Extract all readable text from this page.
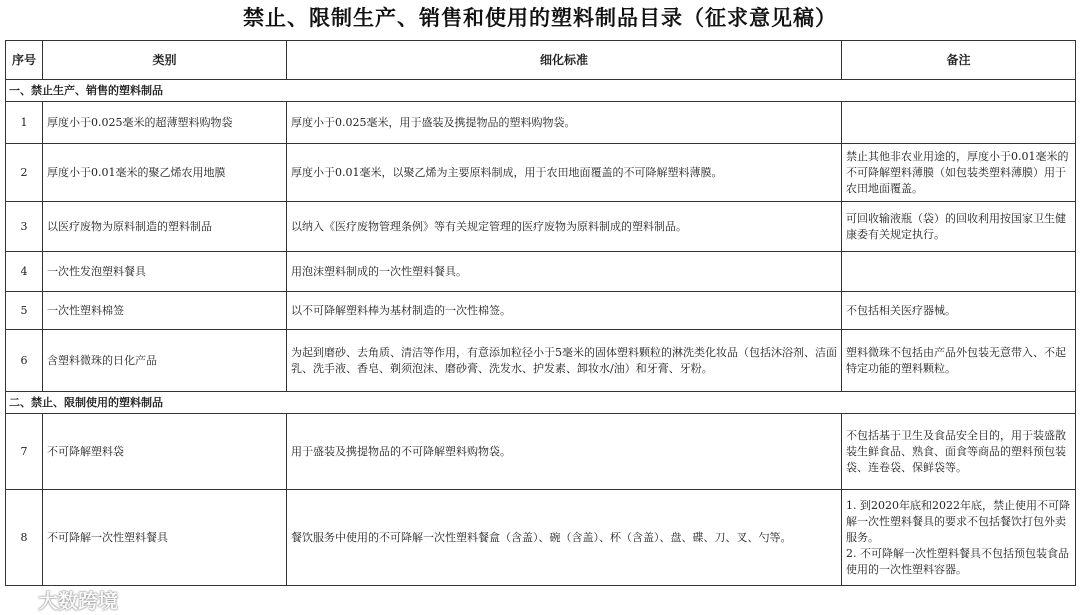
禁止、限制生产、销售和使用的塑料制品目录（征求意见稿）
序号	类别	细化标准	备注
一、禁止生产、销售的塑料制品			
1	厚度小于0.025毫米的超薄塑料购物袋	厚度小于0.025毫米，用于盛装及携提物品的塑料购物袋。	
2	厚度小于0.01毫米的聚乙烯农用地膜	厚度小于0.01毫米，以聚乙烯为主要原料制成，用于农田地面覆盖的不可降解塑料薄膜。	禁止其他非农业用途的，厚度小于0.01毫米的不可降解塑料薄膜（如包装类塑料薄膜）用于农田地面覆盖。
3	以医疗废物为原料制造的塑料制品	以纳入《医疗废物管理条例》等有关规定管理的医疗废物为原料制成的塑料制品。	可回收输液瓶（袋）的回收利用按国家卫生健康委有关规定执行。
4	一次性发泡塑料餐具	用泡沫塑料制成的一次性塑料餐具。	
5	一次性塑料棉签	以不可降解塑料棒为基材制造的一次性棉签。	不包括相关医疗器械。
6	含塑料微珠的日化产品	为起到磨砂、去角质、清洁等作用，有意添加粒径小于5毫米的固体塑料颗粒的淋洗类化妆品（包括沐浴剂、洁面乳、洗手液、香皂、剃须泡沫、磨砂膏、洗发水、护发素、卸妆水/油）和牙膏、牙粉。	塑料微珠不包括由产品外包装无意带入、不起特定功能的塑料颗粒。
二、禁止、限制使用的塑料制品			
7	不可降解塑料袋	用于盛装及携提物品的不可降解塑料购物袋。	不包括基于卫生及食品安全目的，用于装盛散装生鲜食品、熟食、面食等商品的塑料预包装袋、连卷袋、保鲜袋等。
8	不可降解一次性塑料餐具	餐饮服务中使用的不可降解一次性塑料餐盒（含盖）、碗（含盖）、杯（含盖）、盘、碟、刀、叉、勺等。	1. 到2020年底和2022年底，禁止使用不可降解一次性塑料餐具的要求不包括餐饮打包外卖服务。
2. 不可降解一次性塑料餐具不包括预包装食品使用的一次性塑料容器。
大数跨境
